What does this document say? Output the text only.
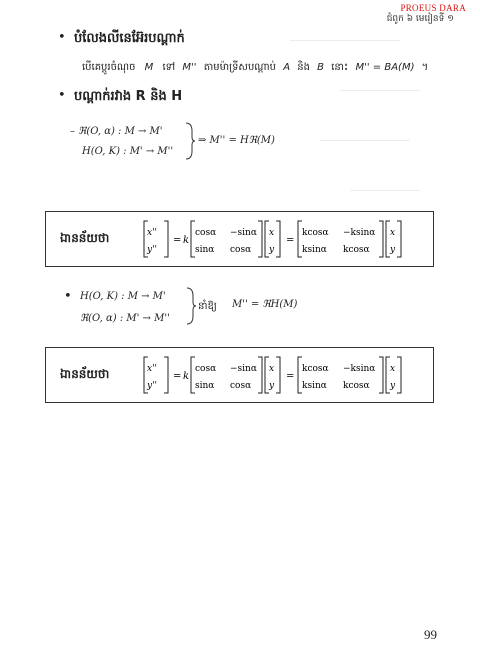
PROEUS DARA
ជំពូក ៦ មេរៀនទី ១
• បំលែងលីនេអ៊ែរបណ្តាក់
បើគេប្តូរចំណុច M ទៅ M'' តាមម៉ាទ្រីសបណ្តាប់ A និង B នោះ M'' = BA(M) ។
• បណ្តាក់រវាង R និង H
– ℜ(O, α) : M → M'
H(O, K) : M' → M''
⇒ M'' = Hℜ(M)
ឯានន័យថា	x''
y''
= k
cosα −sinα
sinα cosα
x
y
=
kcosα −ksinα
ksinα kcosα
x
y
• H(O, K) : M → M'
ℜ(O, α) : M' → M''
នាំឱ្យ M'' = ℜH(M)
ឯានន័យថា	x''
y''
= k
cosα −sinα
sinα cosα
x
y
=
kcosα −ksinα
ksinα kcosα
x
y
99
